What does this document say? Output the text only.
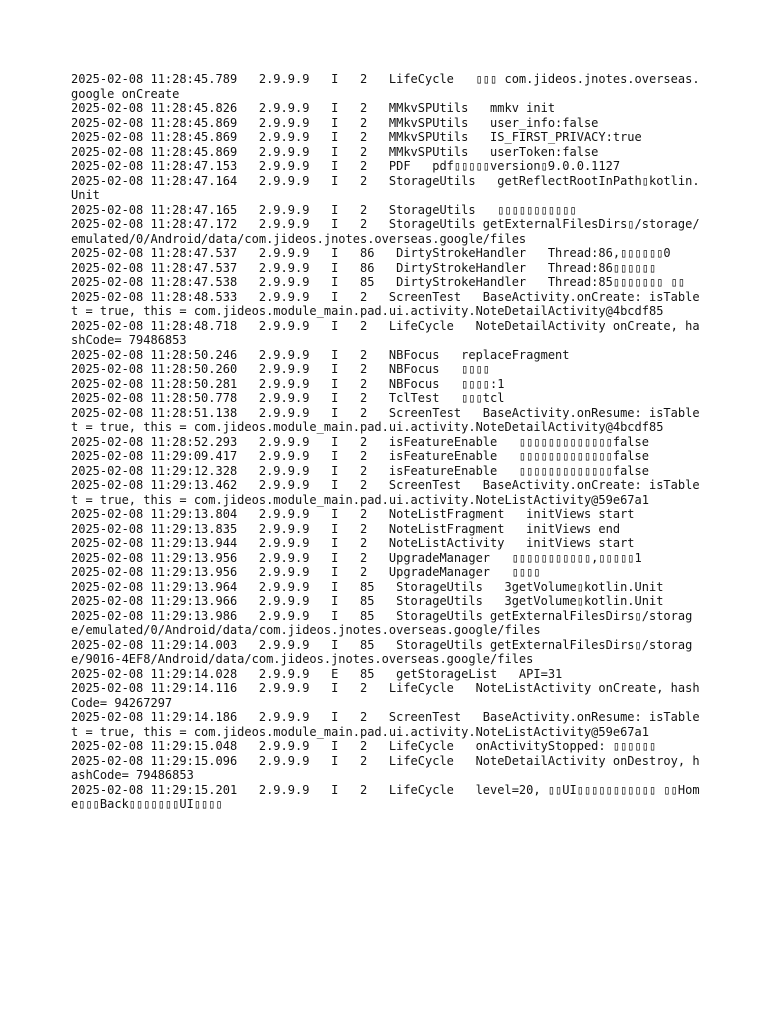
2025-02-08 11:28:45.789   2.9.9.9   I   2   LifeCycle   ▯▯▯ com.jideos.jnotes.overseas.google onCreate
2025-02-08 11:28:45.826   2.9.9.9   I   2   MMkvSPUtils   mmkv init
2025-02-08 11:28:45.869   2.9.9.9   I   2   MMkvSPUtils   user_info:false
2025-02-08 11:28:45.869   2.9.9.9   I   2   MMkvSPUtils   IS_FIRST_PRIVACY:true
2025-02-08 11:28:45.869   2.9.9.9   I   2   MMkvSPUtils   userToken:false
2025-02-08 11:28:47.153   2.9.9.9   I   2   PDF   pdf▯▯▯▯▯version▯9.0.0.1127
2025-02-08 11:28:47.164   2.9.9.9   I   2   StorageUtils   getReflectRootInPath▯kotlin.Unit
2025-02-08 11:28:47.165   2.9.9.9   I   2   StorageUtils   ▯▯▯▯▯▯▯▯▯▯▯
2025-02-08 11:28:47.172   2.9.9.9   I   2   StorageUtils getExternalFilesDirs▯/storage/emulated/0/Android/data/com.jideos.jnotes.overseas.google/files
2025-02-08 11:28:47.537   2.9.9.9   I   86   DirtyStrokeHandler   Thread:86,▯▯▯▯▯▯0
2025-02-08 11:28:47.537   2.9.9.9   I   86   DirtyStrokeHandler   Thread:86▯▯▯▯▯▯
2025-02-08 11:28:47.538   2.9.9.9   I   85   DirtyStrokeHandler   Thread:85▯▯▯▯▯▯▯ ▯▯
2025-02-08 11:28:48.533   2.9.9.9   I   2   ScreenTest   BaseActivity.onCreate: isTablet = true, this = com.jideos.module_main.pad.ui.activity.NoteDetailActivity@4bcdf85
2025-02-08 11:28:48.718   2.9.9.9   I   2   LifeCycle   NoteDetailActivity onCreate, hashCode= 79486853
2025-02-08 11:28:50.246   2.9.9.9   I   2   NBFocus   replaceFragment
2025-02-08 11:28:50.260   2.9.9.9   I   2   NBFocus   ▯▯▯▯
2025-02-08 11:28:50.281   2.9.9.9   I   2   NBFocus   ▯▯▯▯:1
2025-02-08 11:28:50.778   2.9.9.9   I   2   TclTest   ▯▯▯tcl
2025-02-08 11:28:51.138   2.9.9.9   I   2   ScreenTest   BaseActivity.onResume: isTablet = true, this = com.jideos.module_main.pad.ui.activity.NoteDetailActivity@4bcdf85
2025-02-08 11:28:52.293   2.9.9.9   I   2   isFeatureEnable   ▯▯▯▯▯▯▯▯▯▯▯▯▯false
2025-02-08 11:29:09.417   2.9.9.9   I   2   isFeatureEnable   ▯▯▯▯▯▯▯▯▯▯▯▯▯false
2025-02-08 11:29:12.328   2.9.9.9   I   2   isFeatureEnable   ▯▯▯▯▯▯▯▯▯▯▯▯▯false
2025-02-08 11:29:13.462   2.9.9.9   I   2   ScreenTest   BaseActivity.onCreate: isTablet = true, this = com.jideos.module_main.pad.ui.activity.NoteListActivity@59e67a1
2025-02-08 11:29:13.804   2.9.9.9   I   2   NoteListFragment   initViews start
2025-02-08 11:29:13.835   2.9.9.9   I   2   NoteListFragment   initViews end
2025-02-08 11:29:13.944   2.9.9.9   I   2   NoteListActivity   initViews start
2025-02-08 11:29:13.956   2.9.9.9   I   2   UpgradeManager   ▯▯▯▯▯▯▯▯▯▯▯,▯▯▯▯▯1
2025-02-08 11:29:13.956   2.9.9.9   I   2   UpgradeManager   ▯▯▯▯
2025-02-08 11:29:13.964   2.9.9.9   I   85   StorageUtils   3getVolume▯kotlin.Unit
2025-02-08 11:29:13.966   2.9.9.9   I   85   StorageUtils   3getVolume▯kotlin.Unit
2025-02-08 11:29:13.986   2.9.9.9   I   85   StorageUtils getExternalFilesDirs▯/storage/emulated/0/Android/data/com.jideos.jnotes.overseas.google/files
2025-02-08 11:29:14.003   2.9.9.9   I   85   StorageUtils getExternalFilesDirs▯/storage/9016-4EF8/Android/data/com.jideos.jnotes.overseas.google/files
2025-02-08 11:29:14.028   2.9.9.9   E   85   getStorageList   API=31
2025-02-08 11:29:14.116   2.9.9.9   I   2   LifeCycle   NoteListActivity onCreate, hashCode= 94267297
2025-02-08 11:29:14.186   2.9.9.9   I   2   ScreenTest   BaseActivity.onResume: isTablet = true, this = com.jideos.module_main.pad.ui.activity.NoteListActivity@59e67a1
2025-02-08 11:29:15.048   2.9.9.9   I   2   LifeCycle   onActivityStopped: ▯▯▯▯▯▯
2025-02-08 11:29:15.096   2.9.9.9   I   2   LifeCycle   NoteDetailActivity onDestroy, hashCode= 79486853
2025-02-08 11:29:15.201   2.9.9.9   I   2   LifeCycle   level=20, ▯▯UI▯▯▯▯▯▯▯▯▯▯▯ ▯▯Home▯▯▯Back▯▯▯▯▯▯▯UI▯▯▯▯
